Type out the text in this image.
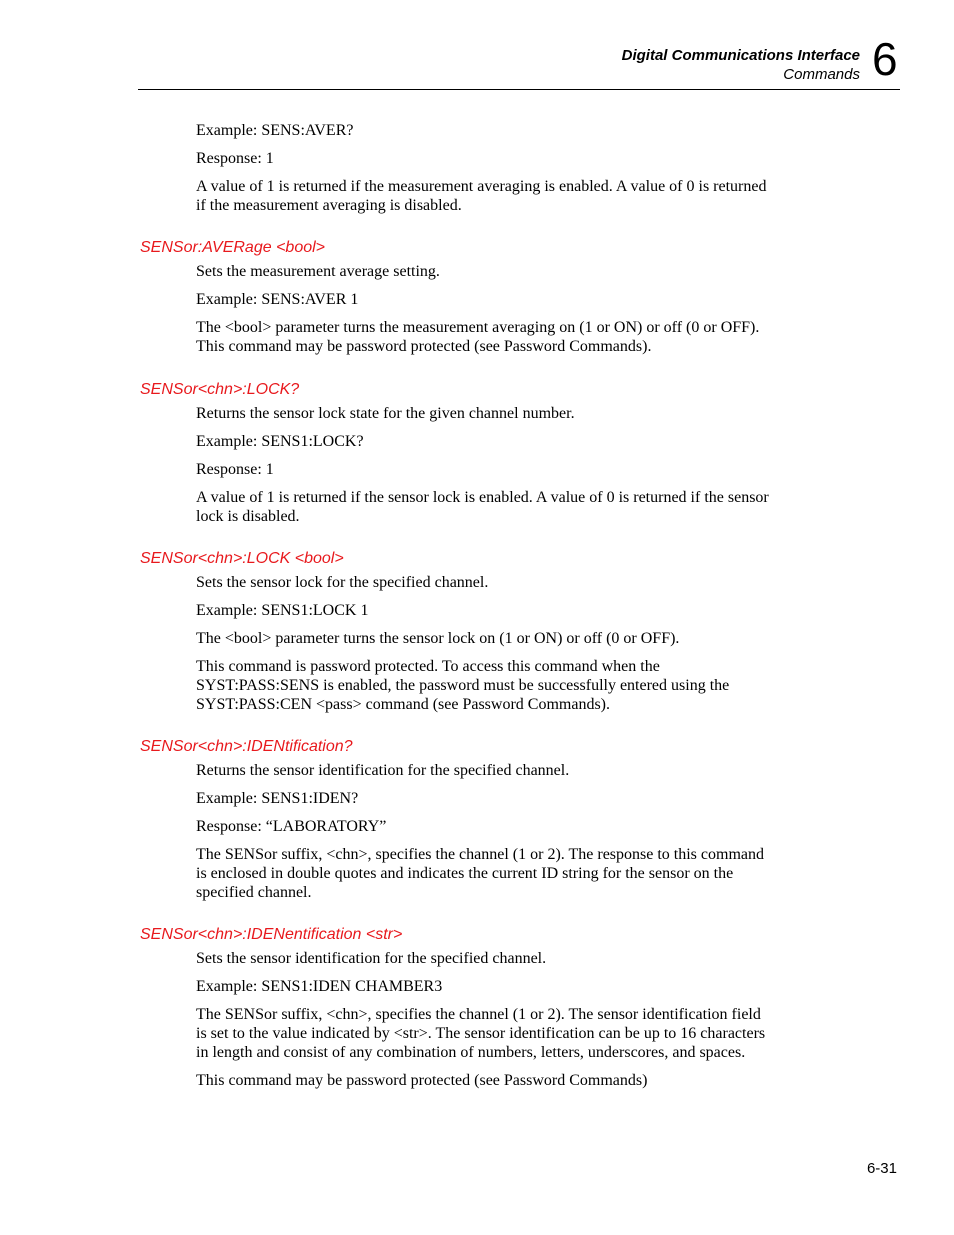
Digital Communications Interface
Commands 6
Example: SENS:AVER?
Response: 1
A value of 1 is returned if the measurement averaging is enabled. A value of 0 is returned
if the measurement averaging is disabled.
SENSor:AVERage <bool>
Sets the measurement average setting.
Example: SENS:AVER 1
The <bool> parameter turns the measurement averaging on (1 or ON) or off (0 or OFF).
This command may be password protected (see Password Commands).
SENSor<chn>:LOCK?
Returns the sensor lock state for the given channel number.
Example: SENS1:LOCK?
Response: 1
A value of 1 is returned if the sensor lock is enabled. A value of 0 is returned if the sensor
lock is disabled.
SENSor<chn>:LOCK <bool>
Sets the sensor lock for the specified channel.
Example: SENS1:LOCK 1
The <bool> parameter turns the sensor lock on (1 or ON) or off (0 or OFF).
This command is password protected. To access this command when the
SYST:PASS:SENS is enabled, the password must be successfully entered using the
SYST:PASS:CEN <pass> command (see Password Commands).
SENSor<chn>:IDENtification?
Returns the sensor identification for the specified channel.
Example: SENS1:IDEN?
Response: “LABORATORY”
The SENSor suffix, <chn>, specifies the channel (1 or 2). The response to this command
is enclosed in double quotes and indicates the current ID string for the sensor on the
specified channel.
SENSor<chn>:IDENentification <str>
Sets the sensor identification for the specified channel.
Example: SENS1:IDEN CHAMBER3
The SENSor suffix, <chn>, specifies the channel (1 or 2). The sensor identification field
is set to the value indicated by <str>. The sensor identification can be up to 16 characters
in length and consist of any combination of numbers, letters, underscores, and spaces.
This command may be password protected (see Password Commands)
6-31
